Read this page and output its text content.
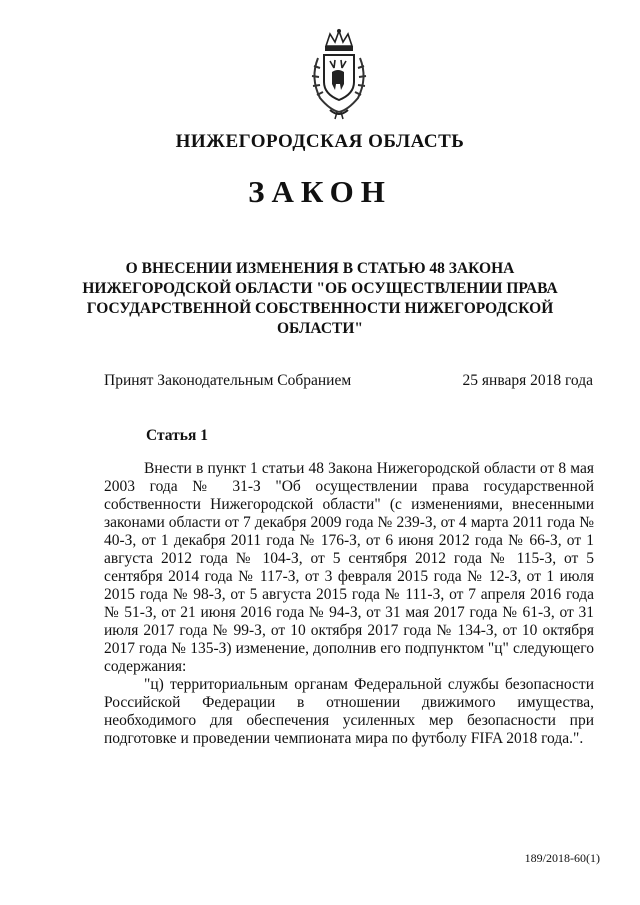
НИЖЕГОРОДСКАЯ ОБЛАСТЬ
ЗАКОН
О ВНЕСЕНИИ ИЗМЕНЕНИЯ В СТАТЬЮ 48 ЗАКОНА
НИЖЕГОРОДСКОЙ ОБЛАСТИ "ОБ ОСУЩЕСТВЛЕНИИ ПРАВА
ГОСУДАРСТВЕННОЙ СОБСТВЕННОСТИ НИЖЕГОРОДСКОЙ
ОБЛАСТИ"
Принят Законодательным Собранием	25 января 2018 года
Статья 1

Внести в пункт 1 статьи 48 Закона Нижегородской области от 8 мая 2003 года № 31-З "Об осуществлении права государственной собственности Нижегородской области" (с изменениями, внесенными законами области от 7 декабря 2009 года № 239-З, от 4 марта 2011 года № 40-З, от 1 декабря 2011 года № 176-З, от 6 июня 2012 года № 66-З, от 1 августа 2012 года № 104-З, от 5 сентября 2012 года № 115-З, от 5 сентября 2014 года № 117-З, от 3 февраля 2015 года № 12-З, от 1 июля 2015 года № 98-З, от 5 августа 2015 года № 111-З, от 7 апреля 2016 года № 51-З, от 21 июня 2016 года № 94-З, от 31 мая 2017 года № 61-З, от 31 июля 2017 года № 99-З, от 10 октября 2017 года № 134-З, от 10 октября 2017 года № 135-З) изменение, дополнив его подпунктом "ц" следующего содержания:

"ц) территориальным органам Федеральной службы безопасности Российской Федерации в отношении движимого имущества, необходимого для обеспечения усиленных мер безопасности при подготовке и проведении чемпионата мира по футболу FIFA 2018 года.".

189/2018-60(1)
